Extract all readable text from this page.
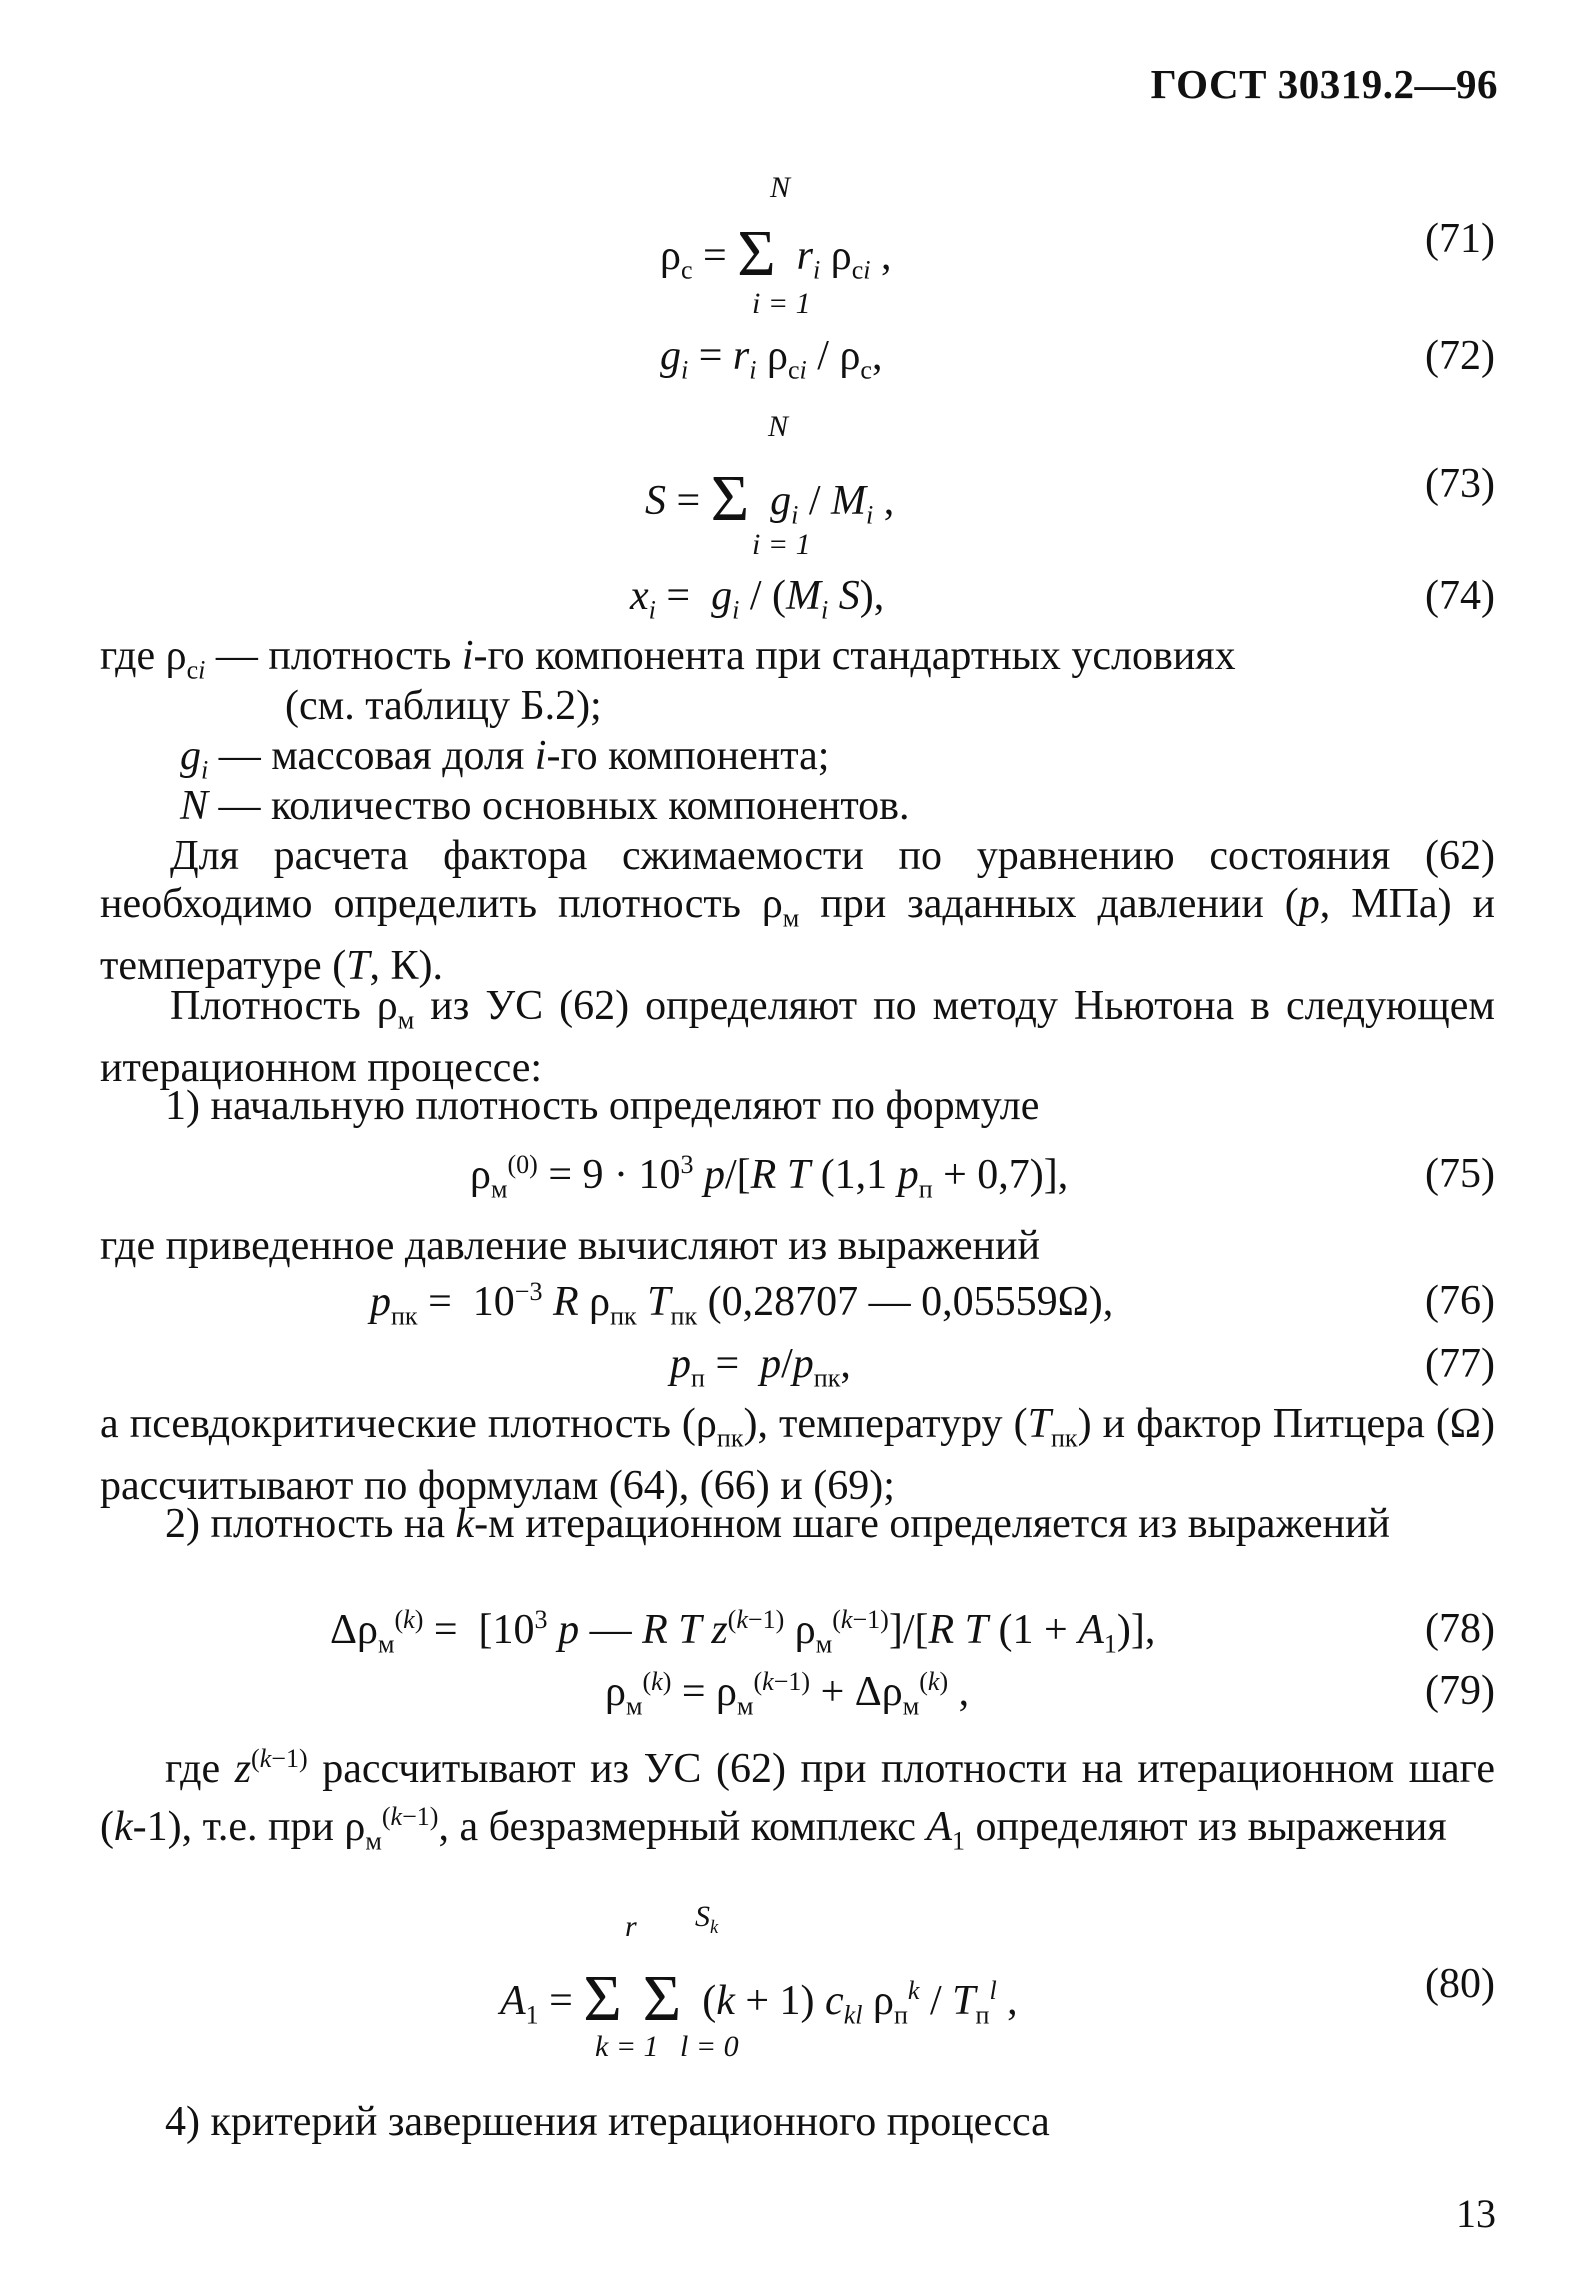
ГОСТ 30319.2—96
$\rho_c = \Sigma$ $r_i$ $\rho_{ci}$ ,
N
i = 1
(71)
$g_i = r_i$ $\rho_{ci} / \rho_c$,	(72)
S = Σ $g_i / M_i$ ,
N
i = 1
(73)
$x_i = g_i / (M_i$ S),	(74)
где $\rho_{ci}$ — плотность i-го компонента при стандартных условиях
(см. таблицу Б.2);
$g_i$ — массовая доля i-го компонента;
N — количество основных компонентов.
Для расчета фактора сжимаемости по уравнению состояния (62) необходимо определить плотность $\rho_м$ при заданных давлении (p, МПа) и температуре (T, К).
Плотность $\rho_м$ из УС (62) определяют по методу Ньютона в следующем итерационном процессе:
1) начальную плотность определяют по формуле
$\rho_м^{(0)} = 9 \cdot 10^3$ p/[R T (1,1 $p_п + 0,7$)],	(75)
где приведенное давление вычисляют из выражений
$p_{пк} = 10^{-3}$ R $\rho_{пк}$ $T_{пк}$ (0,28707 — 0,05559Ω),	(76)
$p_п = p/p_{пк}$,	(77)
а псевдокритические плотность $(\rho_{пк})$, температуру $(T_{пк})$ и фактор Питцера (Ω) рассчитывают по формулам (64), (66) и (69);
2) плотность на k-м итерационном шаге определяется из выражений
$\Delta\rho_м^{(k)} = [10^3$ p — R T $z^{(k-1)}$ $\rho_м^{(k-1)}]/[R$ T $(1 + A_1)$],	(78)
$\rho_м^{(k)} = \rho_м^{(k-1)} + \Delta\rho_м^{(k)}$ ,	(79)
где $z^{(k-1)}$ рассчитывают из УС (62) при плотности на итерационном шаге (k-1), т.е. при $\rho_м^{(k-1)}$, а безразмерный комплекс $A_1$ определяют из выражения
$A_1 = \Sigma$ Σ  (k + 1) $c_{kl}$ $\rho_п^k / T_п^l$ ,
r $S_k$
k = 1 l = 0
(80)
4) критерий завершения итерационного процесса
13
